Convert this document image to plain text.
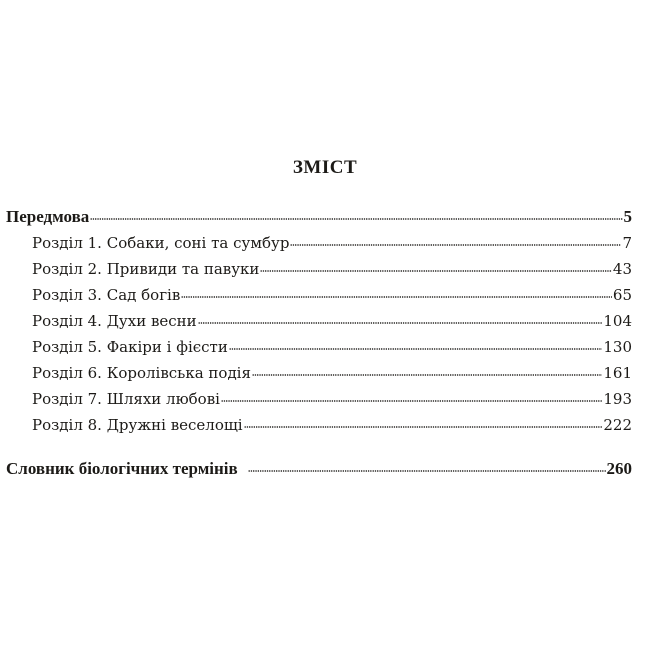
ЗМІСТ
Передмова	5
Розділ 1. Собаки, соні та сумбур	7
Розділ 2. Привиди та павуки	43
Розділ 3. Сад богів	65
Розділ 4. Духи весни	104
Розділ 5. Факіри і фієсти	130
Розділ 6. Королівська подія	161
Розділ 7. Шляхи любові	193
Розділ 8. Дружні веселощі	222
Словник біологічних термінів	260
